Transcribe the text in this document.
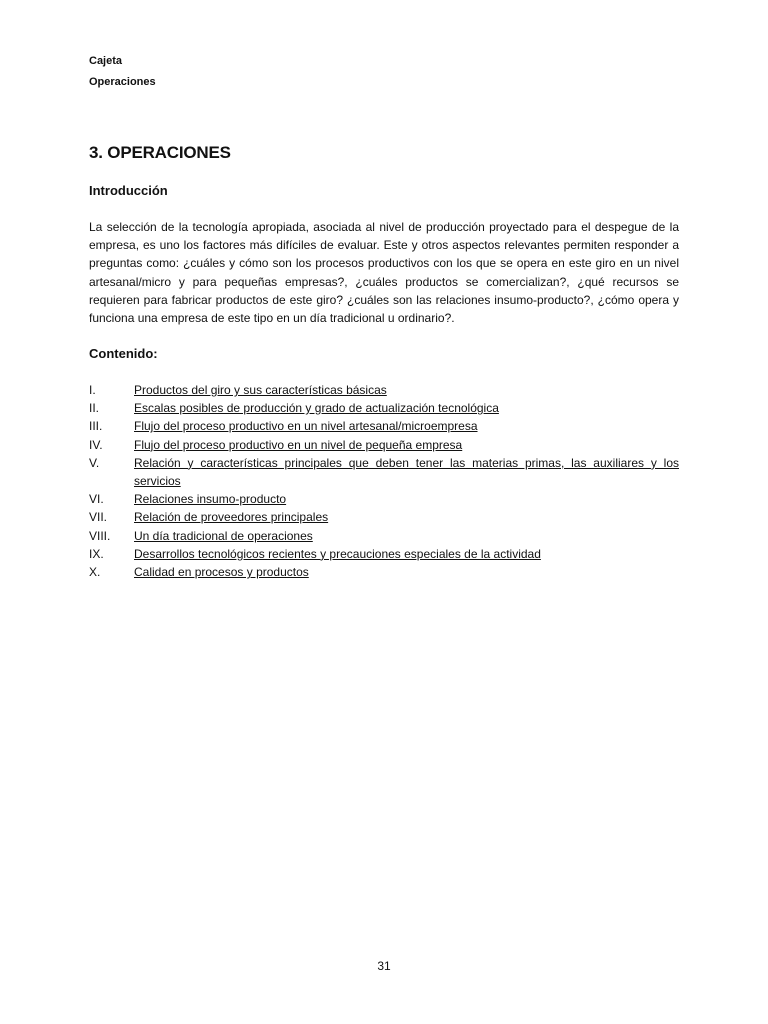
Cajeta
Operaciones
3. OPERACIONES
Introducción

La selección de la tecnología apropiada, asociada al nivel de producción proyectado para el despegue de la empresa, es uno los factores más difíciles de evaluar. Este y otros aspectos relevantes permiten responder a preguntas como: ¿cuáles y cómo son los procesos productivos con los que se opera en este giro en un nivel artesanal/micro y para pequeñas empresas?, ¿cuáles productos se comercializan?, ¿qué recursos se requieren para fabricar productos de este giro? ¿cuáles son las relaciones insumo-producto?, ¿cómo opera y funciona una empresa de este tipo en un día tradicional u ordinario?.

Contenido:
I.	Productos del giro y sus características básicas
II.	Escalas posibles de producción y grado de actualización tecnológica
III.	Flujo del proceso productivo en un nivel artesanal/microempresa
IV.	Flujo del proceso productivo en un nivel de pequeña empresa
V.	Relación y características principales que deben tener las materias primas, las auxiliares y los servicios
VI.	Relaciones insumo-producto
VII.	Relación de proveedores principales
VIII.	Un día tradicional de operaciones
IX.	Desarrollos tecnológicos recientes y precauciones especiales de la actividad
X.	Calidad en procesos y productos
31
